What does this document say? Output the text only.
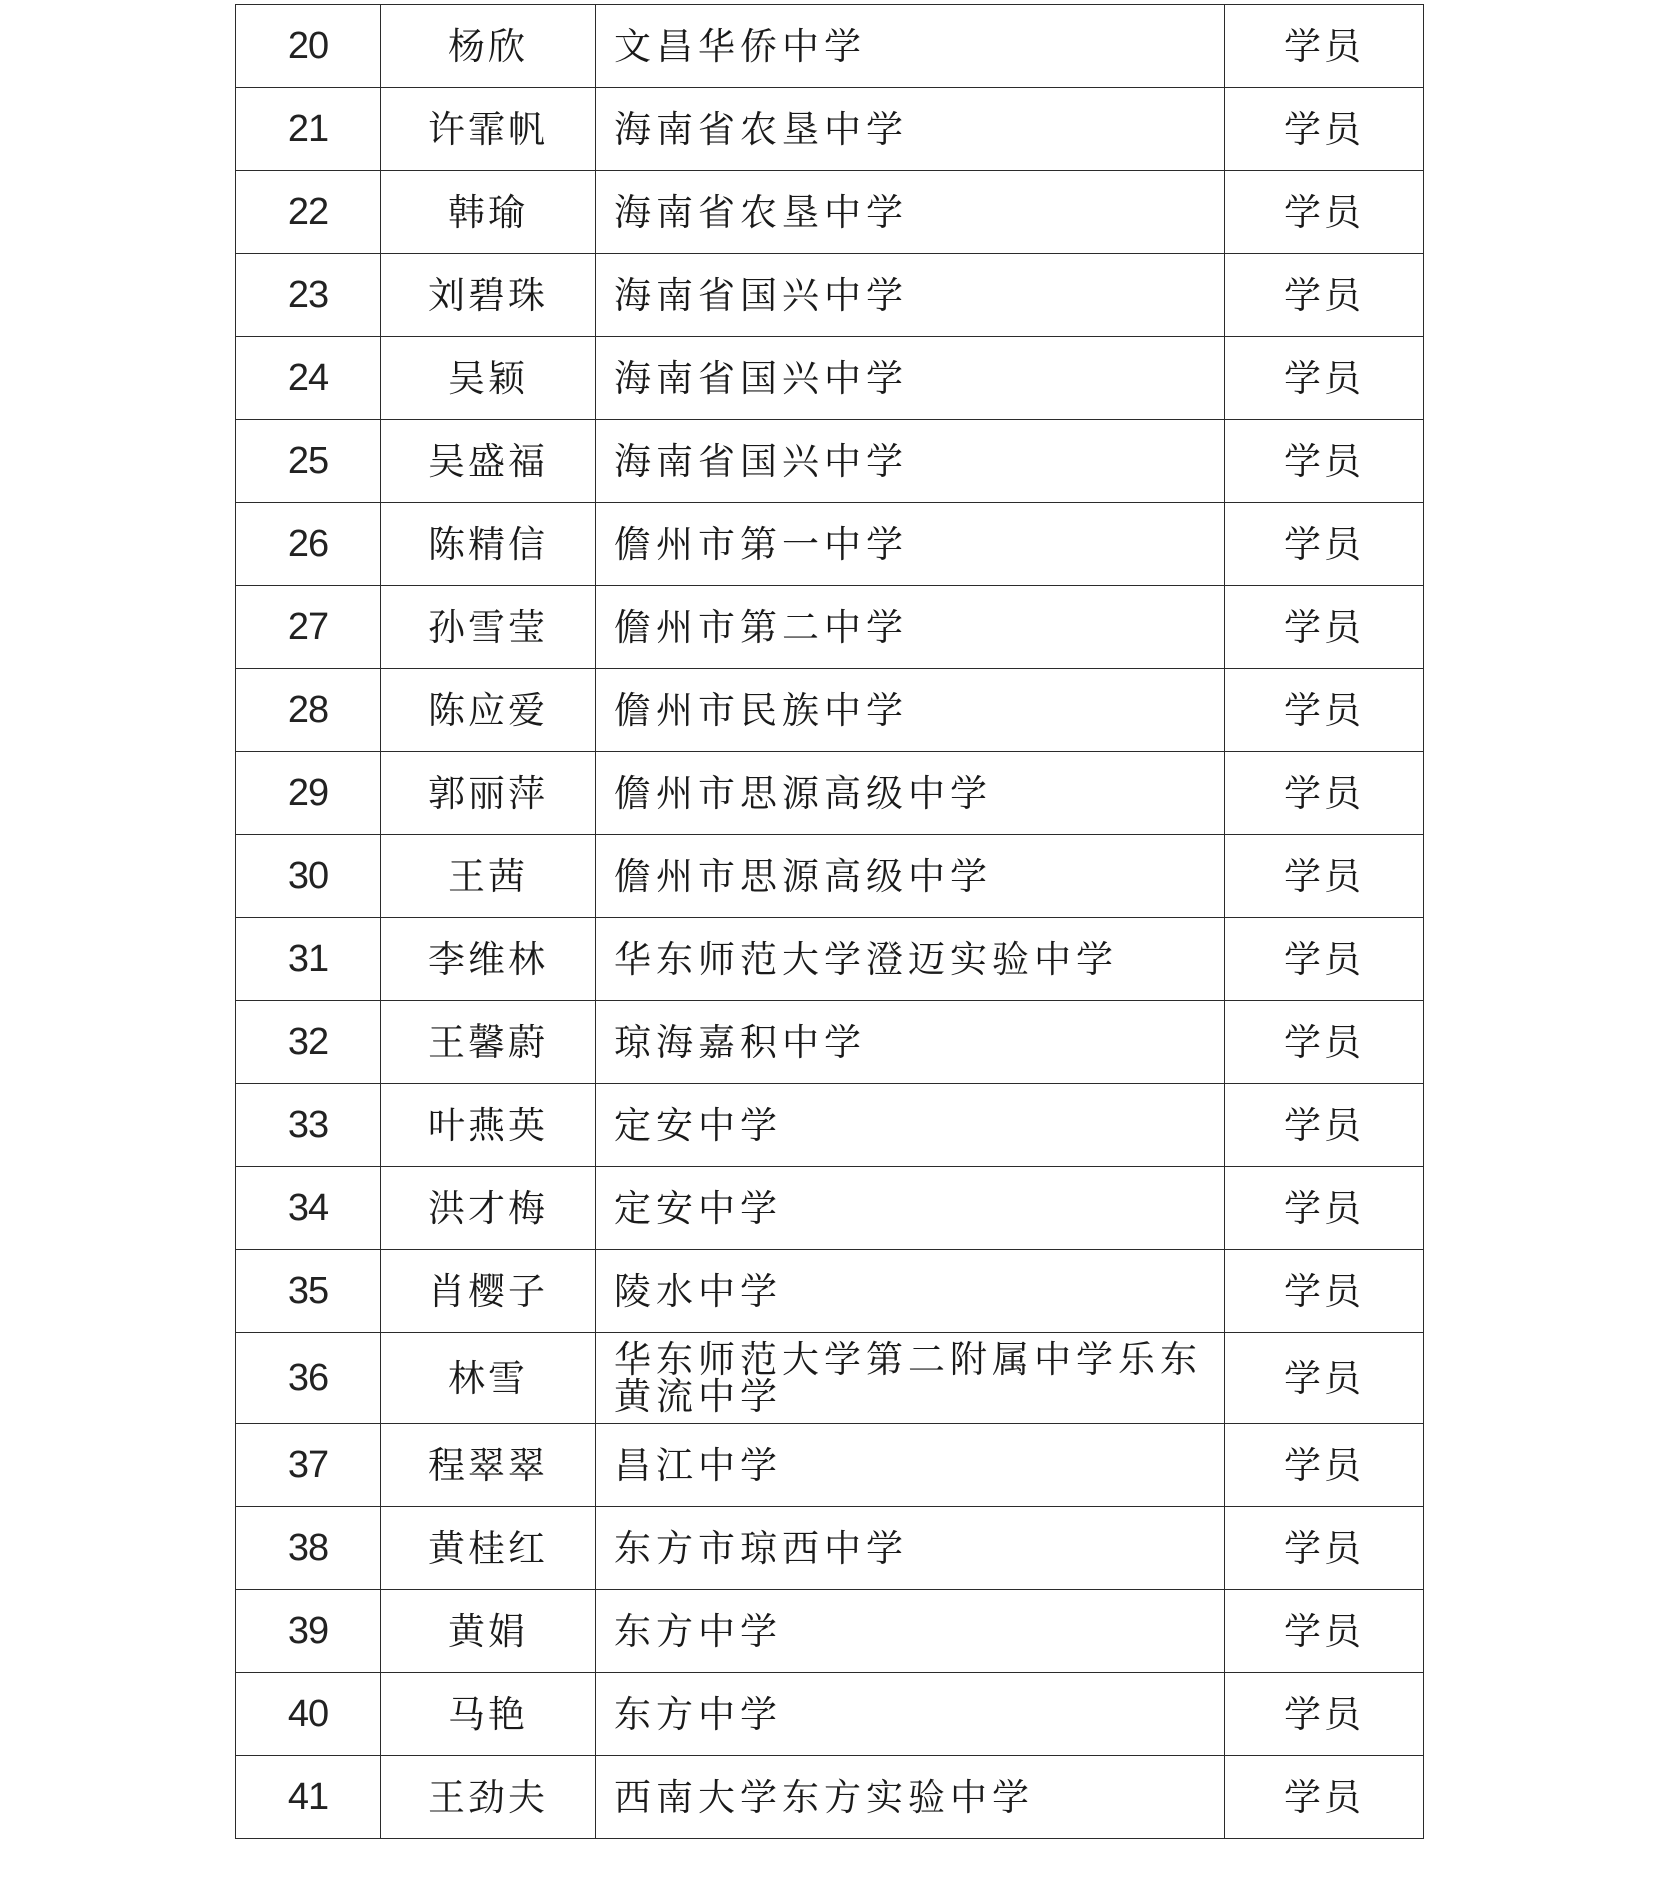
20	杨欣	文昌华侨中学	学员
21	许霏帆	海南省农垦中学	学员
22	韩瑜	海南省农垦中学	学员
23	刘碧珠	海南省国兴中学	学员
24	吴颖	海南省国兴中学	学员
25	吴盛福	海南省国兴中学	学员
26	陈精信	儋州市第一中学	学员
27	孙雪莹	儋州市第二中学	学员
28	陈应爱	儋州市民族中学	学员
29	郭丽萍	儋州市思源高级中学	学员
30	王茜	儋州市思源高级中学	学员
31	李维林	华东师范大学澄迈实验中学	学员
32	王馨蔚	琼海嘉积中学	学员
33	叶燕英	定安中学	学员
34	洪才梅	定安中学	学员
35	肖樱子	陵水中学	学员
36	林雪	华东师范大学第二附属中学乐东黄流中学	学员
37	程翠翠	昌江中学	学员
38	黄桂红	东方市琼西中学	学员
39	黄娟	东方中学	学员
40	马艳	东方中学	学员
41	王劲夫	西南大学东方实验中学	学员
